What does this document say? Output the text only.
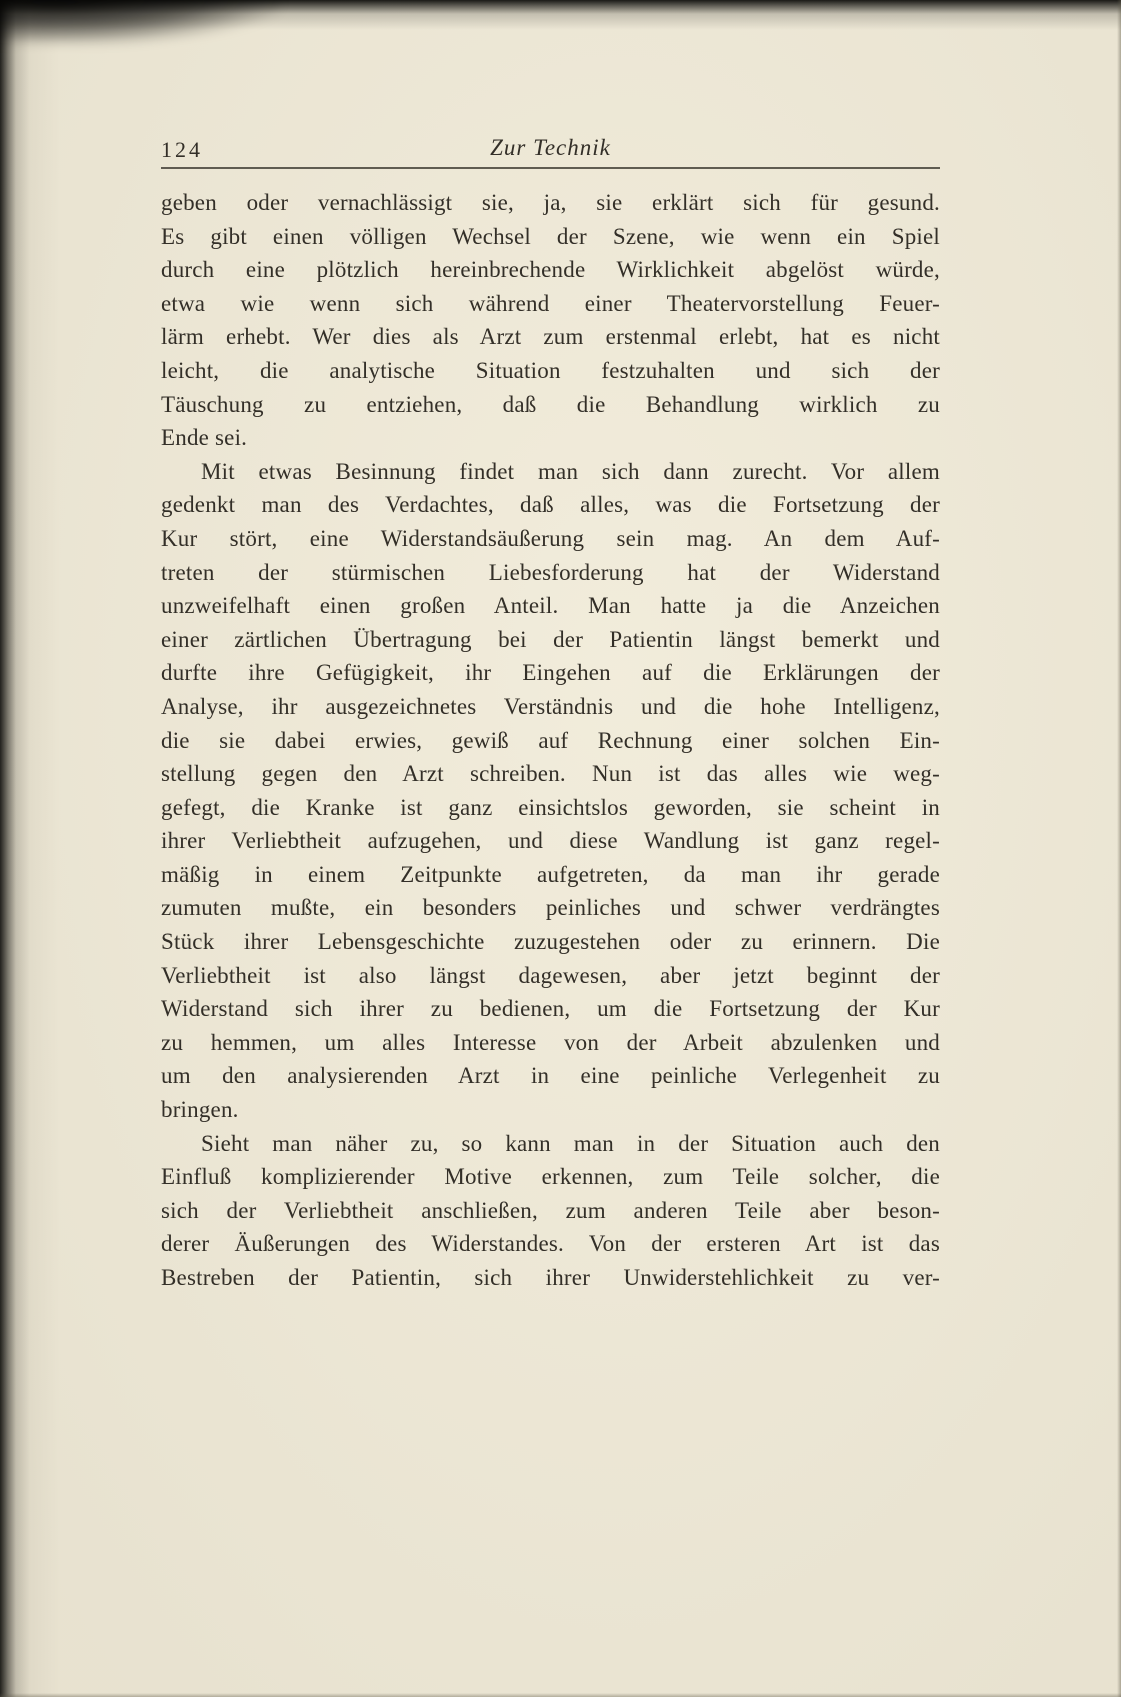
124	Zur Technik
geben oder vernachlässigt sie, ja, sie erklärt sich für gesund.
Es gibt einen völligen Wechsel der Szene, wie wenn ein Spiel
durch eine plötzlich hereinbrechende Wirklichkeit abgelöst würde,
etwa wie wenn sich während einer Theatervorstellung Feuer-
lärm erhebt. Wer dies als Arzt zum erstenmal erlebt, hat es nicht
leicht, die analytische Situation festzuhalten und sich der
Täuschung zu entziehen, daß die Behandlung wirklich zu
Ende sei.
Mit etwas Besinnung findet man sich dann zurecht. Vor allem
gedenkt man des Verdachtes, daß alles, was die Fortsetzung der
Kur stört, eine Widerstandsäußerung sein mag. An dem Auf-
treten der stürmischen Liebesforderung hat der Widerstand
unzweifelhaft einen großen Anteil. Man hatte ja die Anzeichen
einer zärtlichen Übertragung bei der Patientin längst bemerkt und
durfte ihre Gefügigkeit, ihr Eingehen auf die Erklärungen der
Analyse, ihr ausgezeichnetes Verständnis und die hohe Intelligenz,
die sie dabei erwies, gewiß auf Rechnung einer solchen Ein-
stellung gegen den Arzt schreiben. Nun ist das alles wie weg-
gefegt, die Kranke ist ganz einsichtslos geworden, sie scheint in
ihrer Verliebtheit aufzugehen, und diese Wandlung ist ganz regel-
mäßig in einem Zeitpunkte aufgetreten, da man ihr gerade
zumuten mußte, ein besonders peinliches und schwer verdrängtes
Stück ihrer Lebensgeschichte zuzugestehen oder zu erinnern. Die
Verliebtheit ist also längst dagewesen, aber jetzt beginnt der
Widerstand sich ihrer zu bedienen, um die Fortsetzung der Kur
zu hemmen, um alles Interesse von der Arbeit abzulenken und
um den analysierenden Arzt in eine peinliche Verlegenheit zu
bringen.
Sieht man näher zu, so kann man in der Situation auch den
Einfluß komplizierender Motive erkennen, zum Teile solcher, die
sich der Verliebtheit anschließen, zum anderen Teile aber beson-
derer Äußerungen des Widerstandes. Von der ersteren Art ist das
Bestreben der Patientin, sich ihrer Unwiderstehlichkeit zu ver-
